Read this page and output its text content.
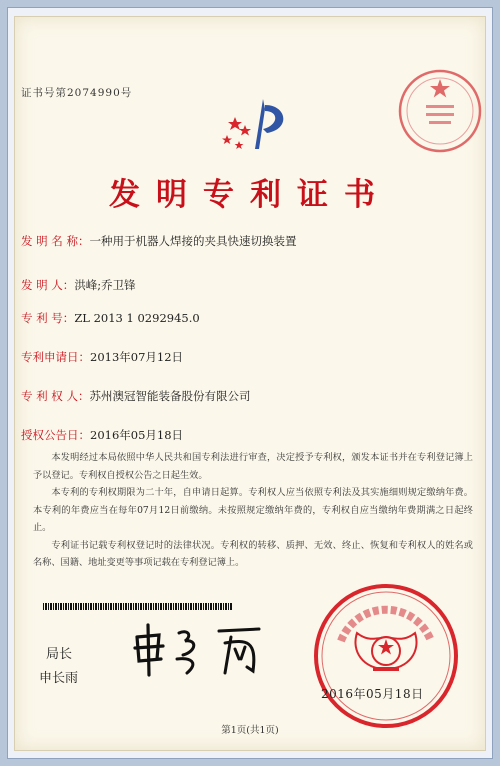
证书号第2074990号
发明专利证书
发 明 名 称：一种用于机器人焊接的夹具快速切换装置
发 明 人：洪峰;乔卫锋
专 利 号：ZL 2013 1 0292945.0
专利申请日：2013年07月12日
专 利 权 人：苏州澳冠智能装备股份有限公司
授权公告日：2016年05月18日

本发明经过本局依照中华人民共和国专利法进行审查，决定授予专利权，颁发本证书并在专利登记簿上予以登记。专利权自授权公告之日起生效。

本专利的专利权期限为二十年，自申请日起算。专利权人应当依照专利法及其实施细则规定缴纳年费。本专利的年费应当在每年07月12日前缴纳。未按照规定缴纳年费的，专利权自应当缴纳年费期满之日起终止。

专利证书记载专利权登记时的法律状况。专利权的转移、质押、无效、终止、恢复和专利权人的姓名或名称、国籍、地址变更等事项记载在专利登记簿上。

局长
申长雨
2016年05月18日
第1页(共1页)
